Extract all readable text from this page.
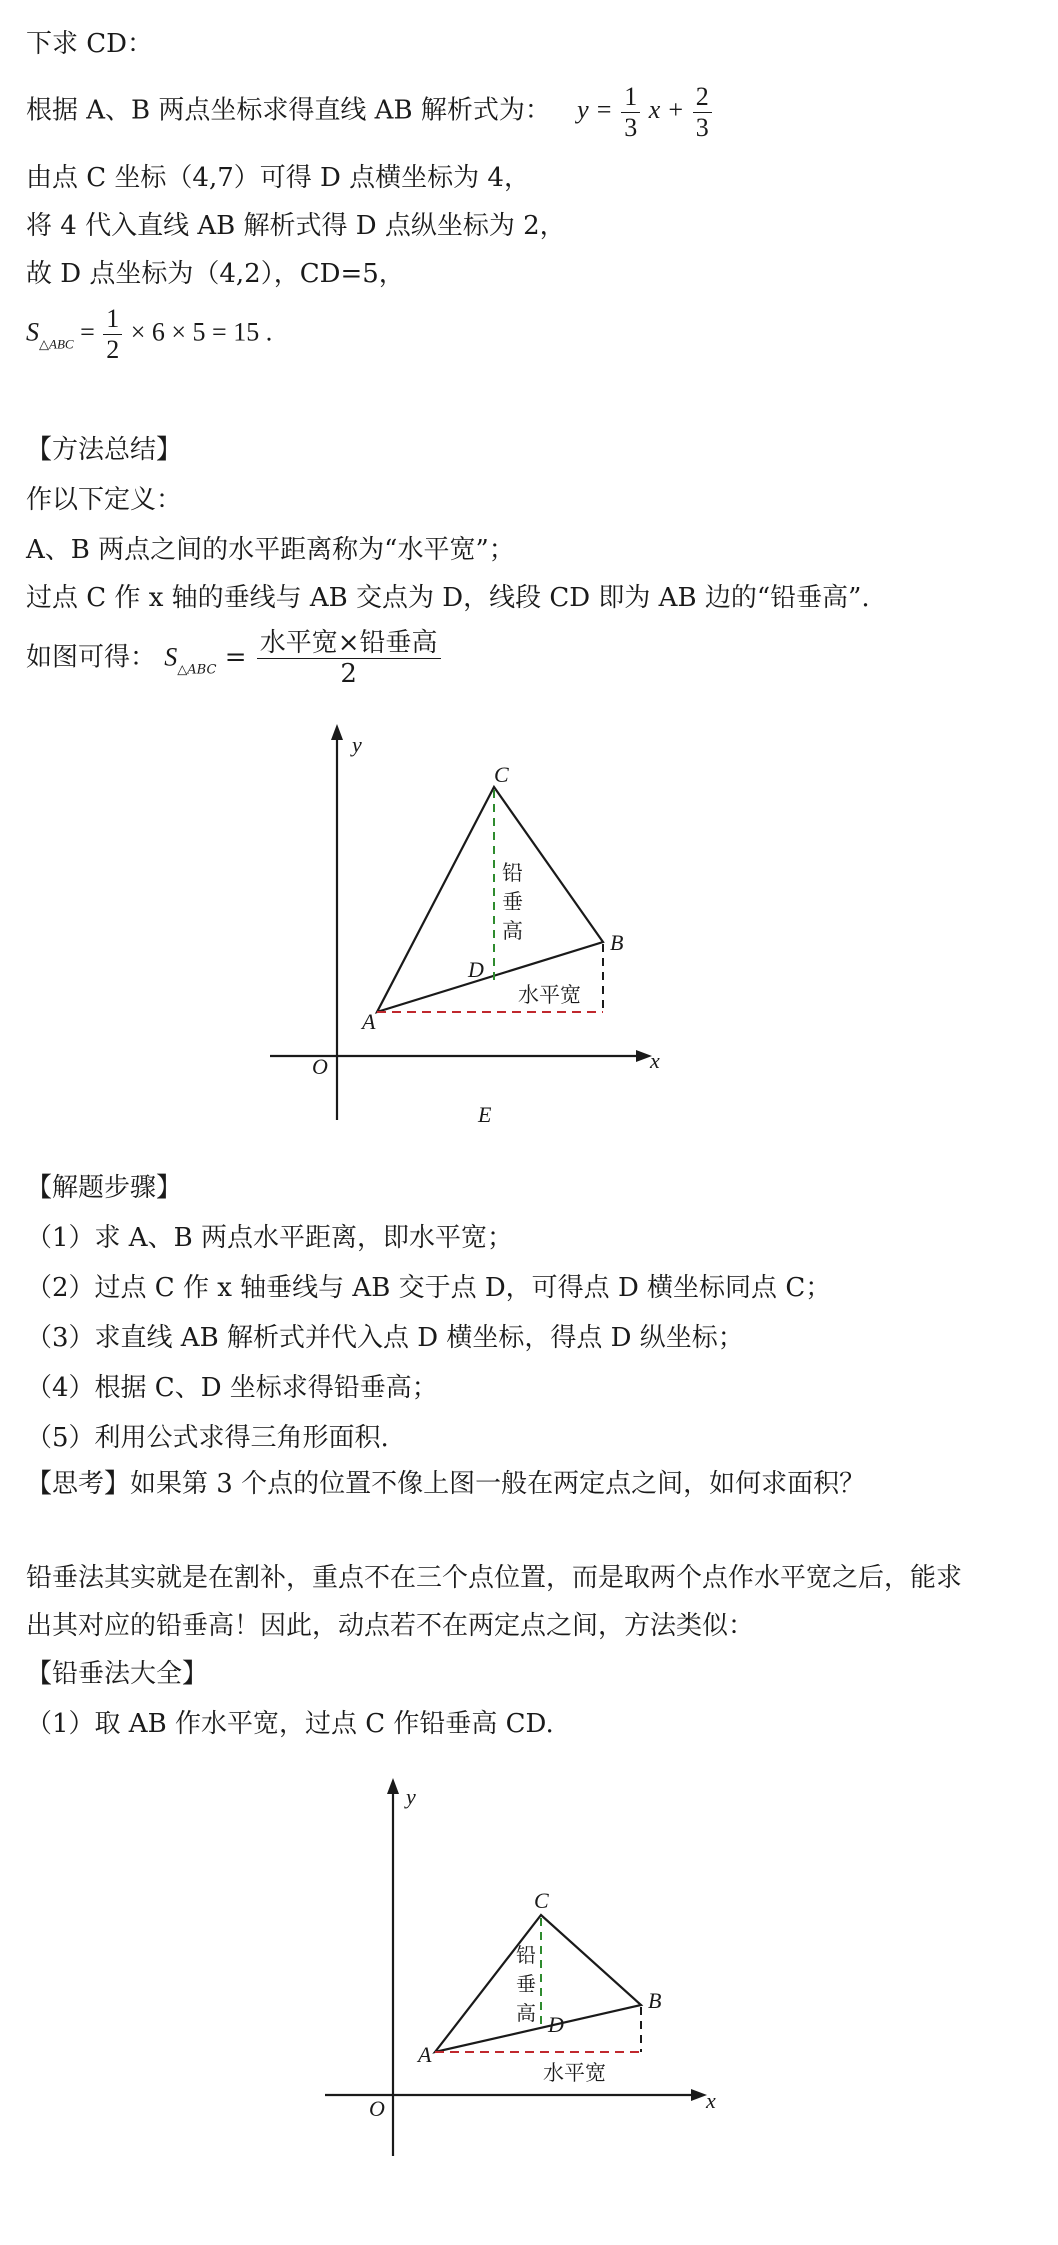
下求 CD：
根据 A、B 两点坐标求得直线 AB 解析式为： $y = \frac{1}{3}$ $x + \frac{2}{3}$
由点 C 坐标（4,7）可得 D 点横坐标为 4，
将 4 代入直线 AB 解析式得 D 点纵坐标为 2，
故 D 点坐标为（4,2），CD=5，
$S_{\triangle ABC} = \frac{1}{2} \times 6 \times 5 = 15$ .
【方法总结】
作以下定义：
A、B 两点之间的水平距离称为“水平宽”；
过点 C 作 x 轴的垂线与 AB 交点为 D，线段 CD 即为 AB 边的“铅垂高”.
如图可得： $S_{\triangle ABC} = \frac{\text{水平宽×铅垂高}}{2}$
y
x
O
C
B
D
A
E
铅
垂
高
水平宽
【解题步骤】
（1）求 A、B 两点水平距离，即水平宽；
（2）过点 C 作 x 轴垂线与 AB 交于点 D，可得点 D 横坐标同点 C；
（3）求直线 AB 解析式并代入点 D 横坐标，得点 D 纵坐标；
（4）根据 C、D 坐标求得铅垂高；
（5）利用公式求得三角形面积.
【思考】如果第 3 个点的位置不像上图一般在两定点之间，如何求面积？
铅垂法其实就是在割补，重点不在三个点位置，而是取两个点作水平宽之后，能求
出其对应的铅垂高！因此，动点若不在两定点之间，方法类似：
【铅垂法大全】
（1）取 AB 作水平宽，过点 C 作铅垂高 CD.
y
x
O
C
B
D
A
铅
垂
高
水平宽
